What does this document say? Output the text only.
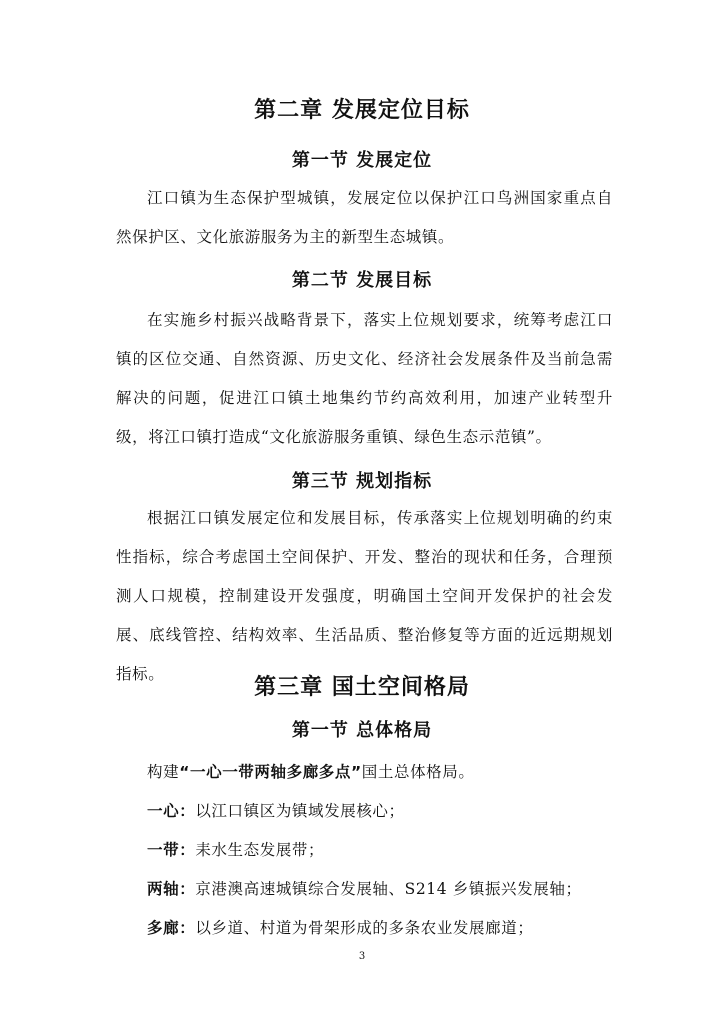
第二章 发展定位目标
第一节 发展定位
江口镇为生态保护型城镇，发展定位以保护江口鸟洲国家重点自然保护区、文化旅游服务为主的新型生态城镇。
第二节 发展目标
在实施乡村振兴战略背景下，落实上位规划要求，统筹考虑江口镇的区位交通、自然资源、历史文化、经济社会发展条件及当前急需解决的问题，促进江口镇土地集约节约高效利用，加速产业转型升级，将江口镇打造成“文化旅游服务重镇、绿色生态示范镇”。
第三节 规划指标
根据江口镇发展定位和发展目标，传承落实上位规划明确的约束性指标，综合考虑国土空间保护、开发、整治的现状和任务，合理预测人口规模，控制建设开发强度，明确国土空间开发保护的社会发展、底线管控、结构效率、生活品质、整治修复等方面的近远期规划指标。
第三章 国土空间格局
第一节 总体格局
构建“一心一带两轴多廊多点”国土总体格局。
一心：以江口镇区为镇域发展核心；
一带：耒水生态发展带；
两轴：京港澳高速城镇综合发展轴、S214 乡镇振兴发展轴；
多廊：以乡道、村道为骨架形成的多条农业发展廊道；
3
